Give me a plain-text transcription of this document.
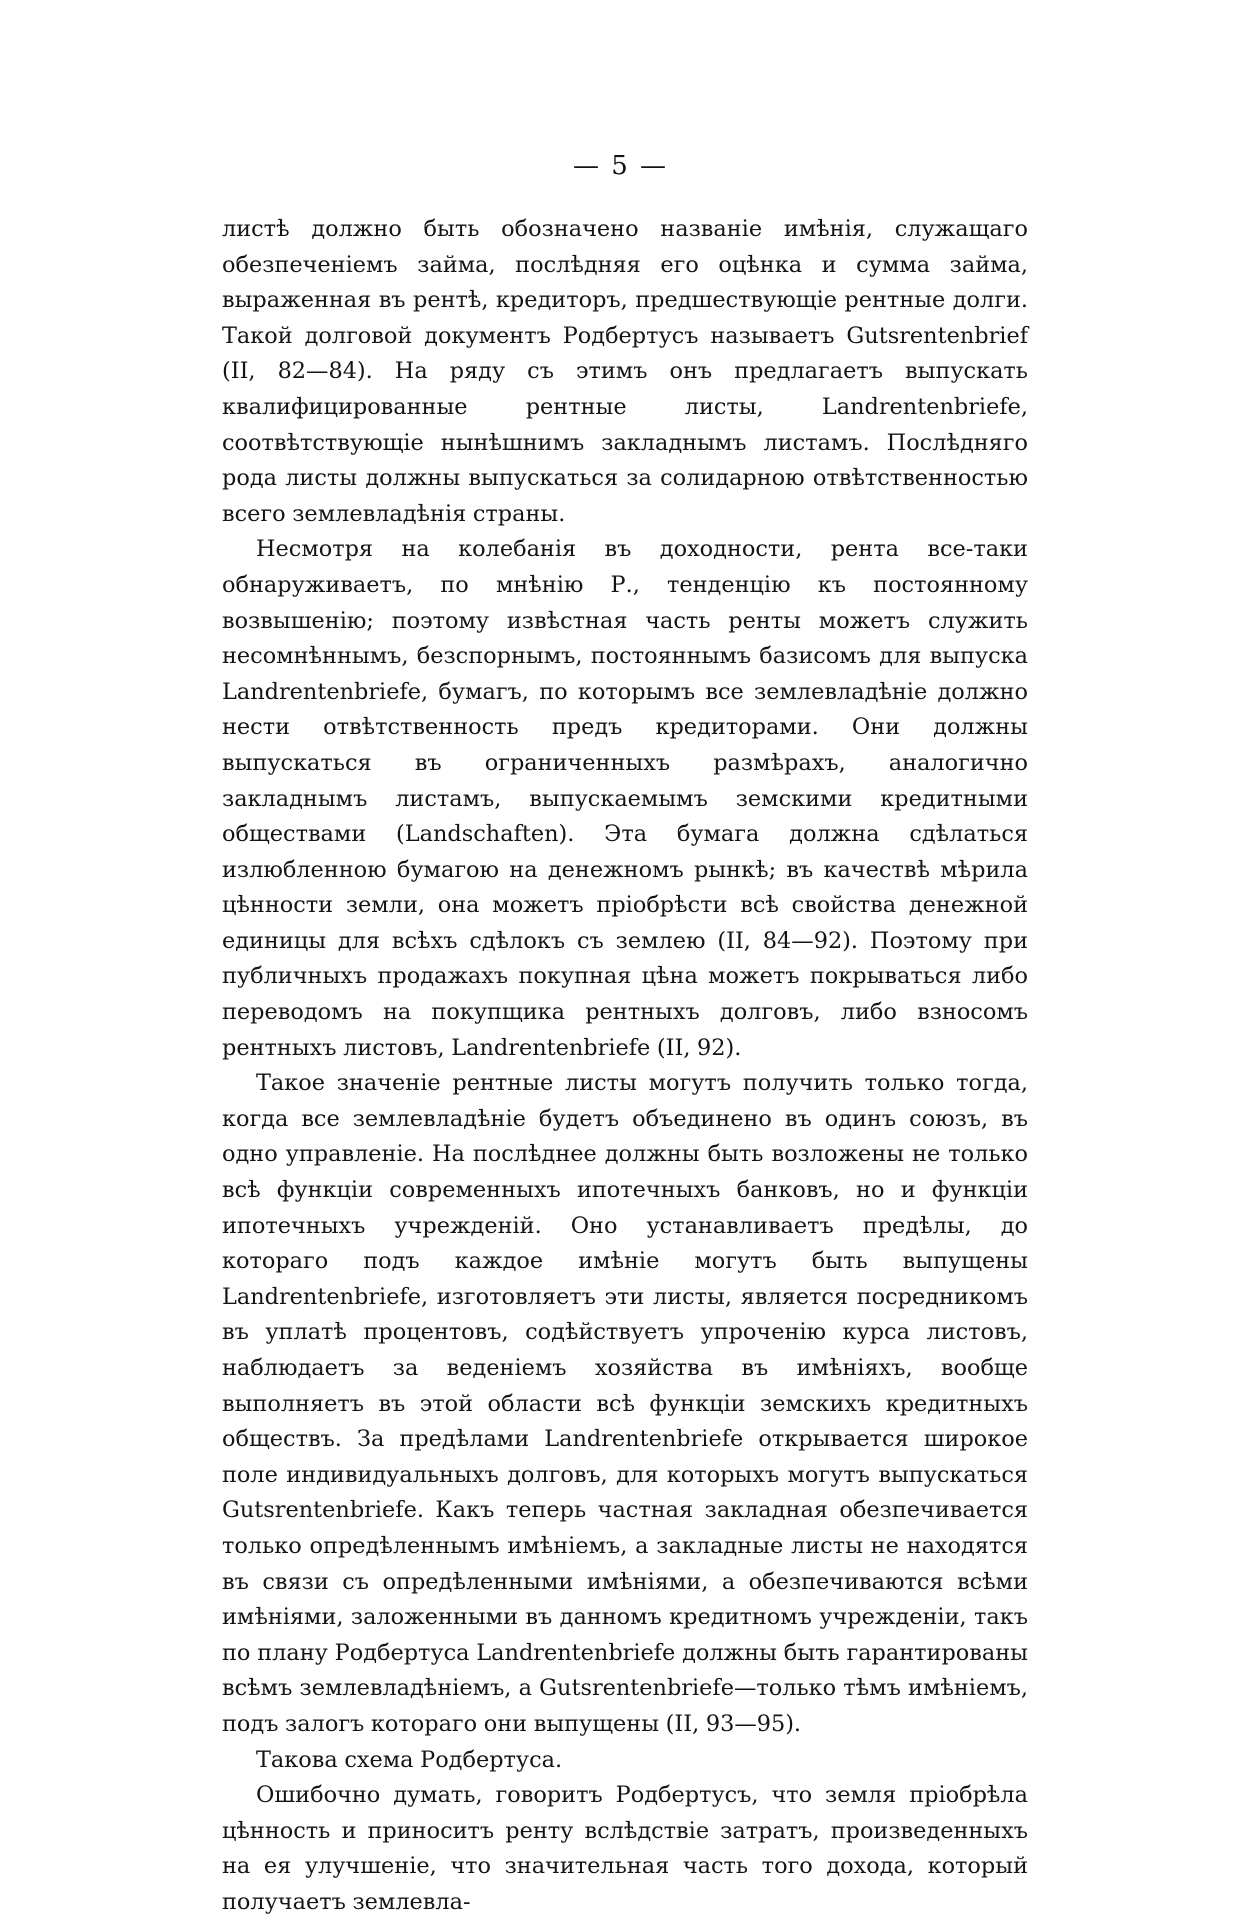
— 5 —

листѣ должно быть обозначено названіе имѣнія, служащаго обезпеченіемъ займа, послѣдняя его оцѣнка и сумма займа, выраженная въ рентѣ, кредиторъ, предшествующіе рентные долги. Такой долговой документъ Родбертусъ называетъ Gutsrentenbrief (II, 82—84). На ряду съ этимъ онъ предлагаетъ выпускать квалифицированные рентные листы, Landrentenbriefe, соотвѣтствующіе нынѣшнимъ закладнымъ листамъ. Послѣдняго рода листы должны выпускаться за солидарною отвѣтственностью всего землевладѣнія страны.

Несмотря на колебанія въ доходности, рента все-таки обнаруживаетъ, по мнѣнію Р., тенденцію къ постоянному возвышенію; поэтому извѣстная часть ренты можетъ служить несомнѣннымъ, безспорнымъ, постояннымъ базисомъ для выпуска Landrentenbriefe, бумагъ, по которымъ все землевладѣніе должно нести отвѣтственность предъ кредиторами. Они должны выпускаться въ ограниченныхъ размѣрахъ, аналогично закладнымъ листамъ, выпускаемымъ земскими кредитными обществами (Landschaften). Эта бумага должна сдѣлаться излюбленною бумагою на денежномъ рынкѣ; въ качествѣ мѣрила цѣнности земли, она можетъ пріобрѣсти всѣ свойства денежной единицы для всѣхъ сдѣлокъ съ землею (II, 84—92). Поэтому при публичныхъ продажахъ покупная цѣна можетъ покрываться либо переводомъ на покупщика рентныхъ долговъ, либо взносомъ рентныхъ листовъ, Landrentenbriefe (II, 92).

Такое значеніе рентные листы могутъ получить только тогда, когда все землевладѣніе будетъ объединено въ одинъ союзъ, въ одно управленіе. На послѣднее должны быть возложены не только всѣ функціи современныхъ ипотечныхъ банковъ, но и функціи ипотечныхъ учрежденій. Оно устанавливаетъ предѣлы, до котораго подъ каждое имѣніе могутъ быть выпущены Landrentenbriefe, изготовляетъ эти листы, является посредникомъ въ уплатѣ процентовъ, содѣйствуетъ упроченію курса листовъ, наблюдаетъ за веденіемъ хозяйства въ имѣніяхъ, вообще выполняетъ въ этой области всѣ функціи земскихъ кредитныхъ обществъ. За предѣлами Landrentenbriefe открывается широкое поле индивидуальныхъ долговъ, для которыхъ могутъ выпускаться Gutsrentenbriefe. Какъ теперь частная закладная обезпечивается только опредѣленнымъ имѣніемъ, а закладные листы не находятся въ связи съ опредѣленными имѣніями, а обезпечиваются всѣми имѣніями, заложенными въ данномъ кредитномъ учрежденіи, такъ по плану Родбертуса Landrentenbriefe должны быть гарантированы всѣмъ землевладѣніемъ, а Gutsrentenbriefe—только тѣмъ имѣніемъ, подъ залогъ котораго они выпущены (II, 93—95).

Такова схема Родбертуса.

Ошибочно думать, говоритъ Родбертусъ, что земля пріобрѣла цѣнность и приноситъ ренту вслѣдствіе затратъ, произведенныхъ на ея улучшеніе, что значительная часть того дохода, который получаетъ землевла-
